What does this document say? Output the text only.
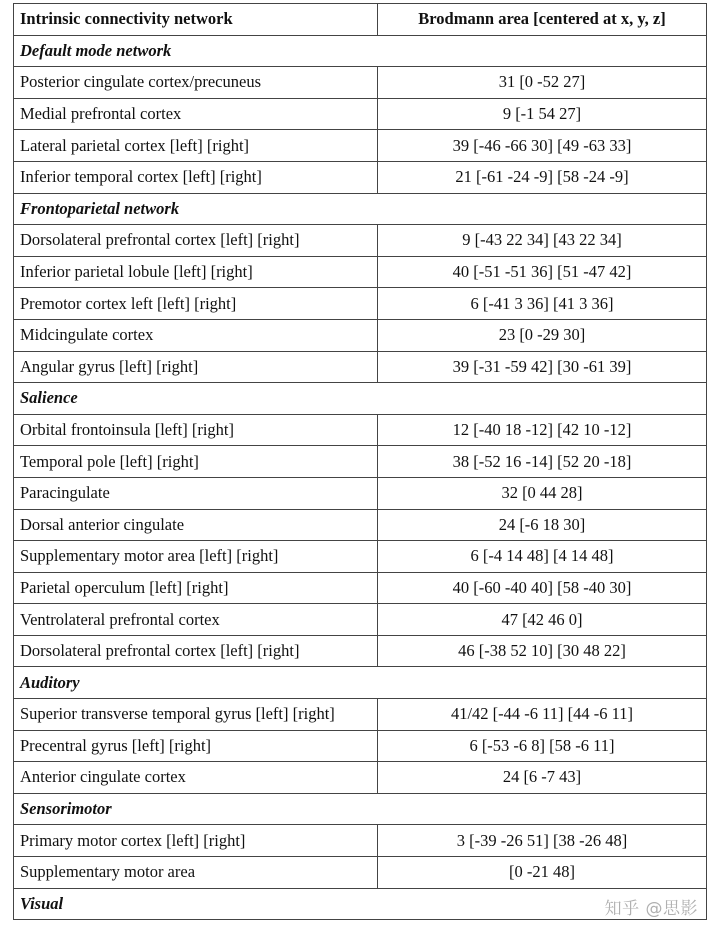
Intrinsic connectivity network	Brodmann area [centered at x, y, z]
Default mode network	
Posterior cingulate cortex/precuneus	31 [0 -52 27]
Medial prefrontal cortex	9 [-1 54 27]
Lateral parietal cortex [left] [right]	39 [-46 -66 30] [49 -63 33]
Inferior temporal cortex [left] [right]	21 [-61 -24 -9] [58 -24 -9]
Frontoparietal network	
Dorsolateral prefrontal cortex [left] [right]	9 [-43 22 34] [43 22 34]
Inferior parietal lobule [left] [right]	40 [-51 -51 36] [51 -47 42]
Premotor cortex left [left] [right]	6 [-41 3 36] [41 3 36]
Midcingulate cortex	23 [0 -29 30]
Angular gyrus [left] [right]	39 [-31 -59 42] [30 -61 39]
Salience	
Orbital frontoinsula [left] [right]	12 [-40 18 -12] [42 10 -12]
Temporal pole [left] [right]	38 [-52 16 -14] [52 20 -18]
Paracingulate	32 [0 44 28]
Dorsal anterior cingulate	24 [-6 18 30]
Supplementary motor area [left] [right]	6 [-4 14 48] [4 14 48]
Parietal operculum [left] [right]	40 [-60 -40 40] [58 -40 30]
Ventrolateral prefrontal cortex	47 [42 46 0]
Dorsolateral prefrontal cortex [left] [right]	46 [-38 52 10] [30 48 22]
Auditory	
Superior transverse temporal gyrus [left] [right]	41/42 [-44 -6 11] [44 -6 11]
Precentral gyrus [left] [right]	6 [-53 -6 8] [58 -6 11]
Anterior cingulate cortex	24 [6 -7 43]
Sensorimotor	
Primary motor cortex [left] [right]	3 [-39 -26 51] [38 -26 48]
Supplementary motor area	[0 -21 48]
Visual		知乎 @思影
